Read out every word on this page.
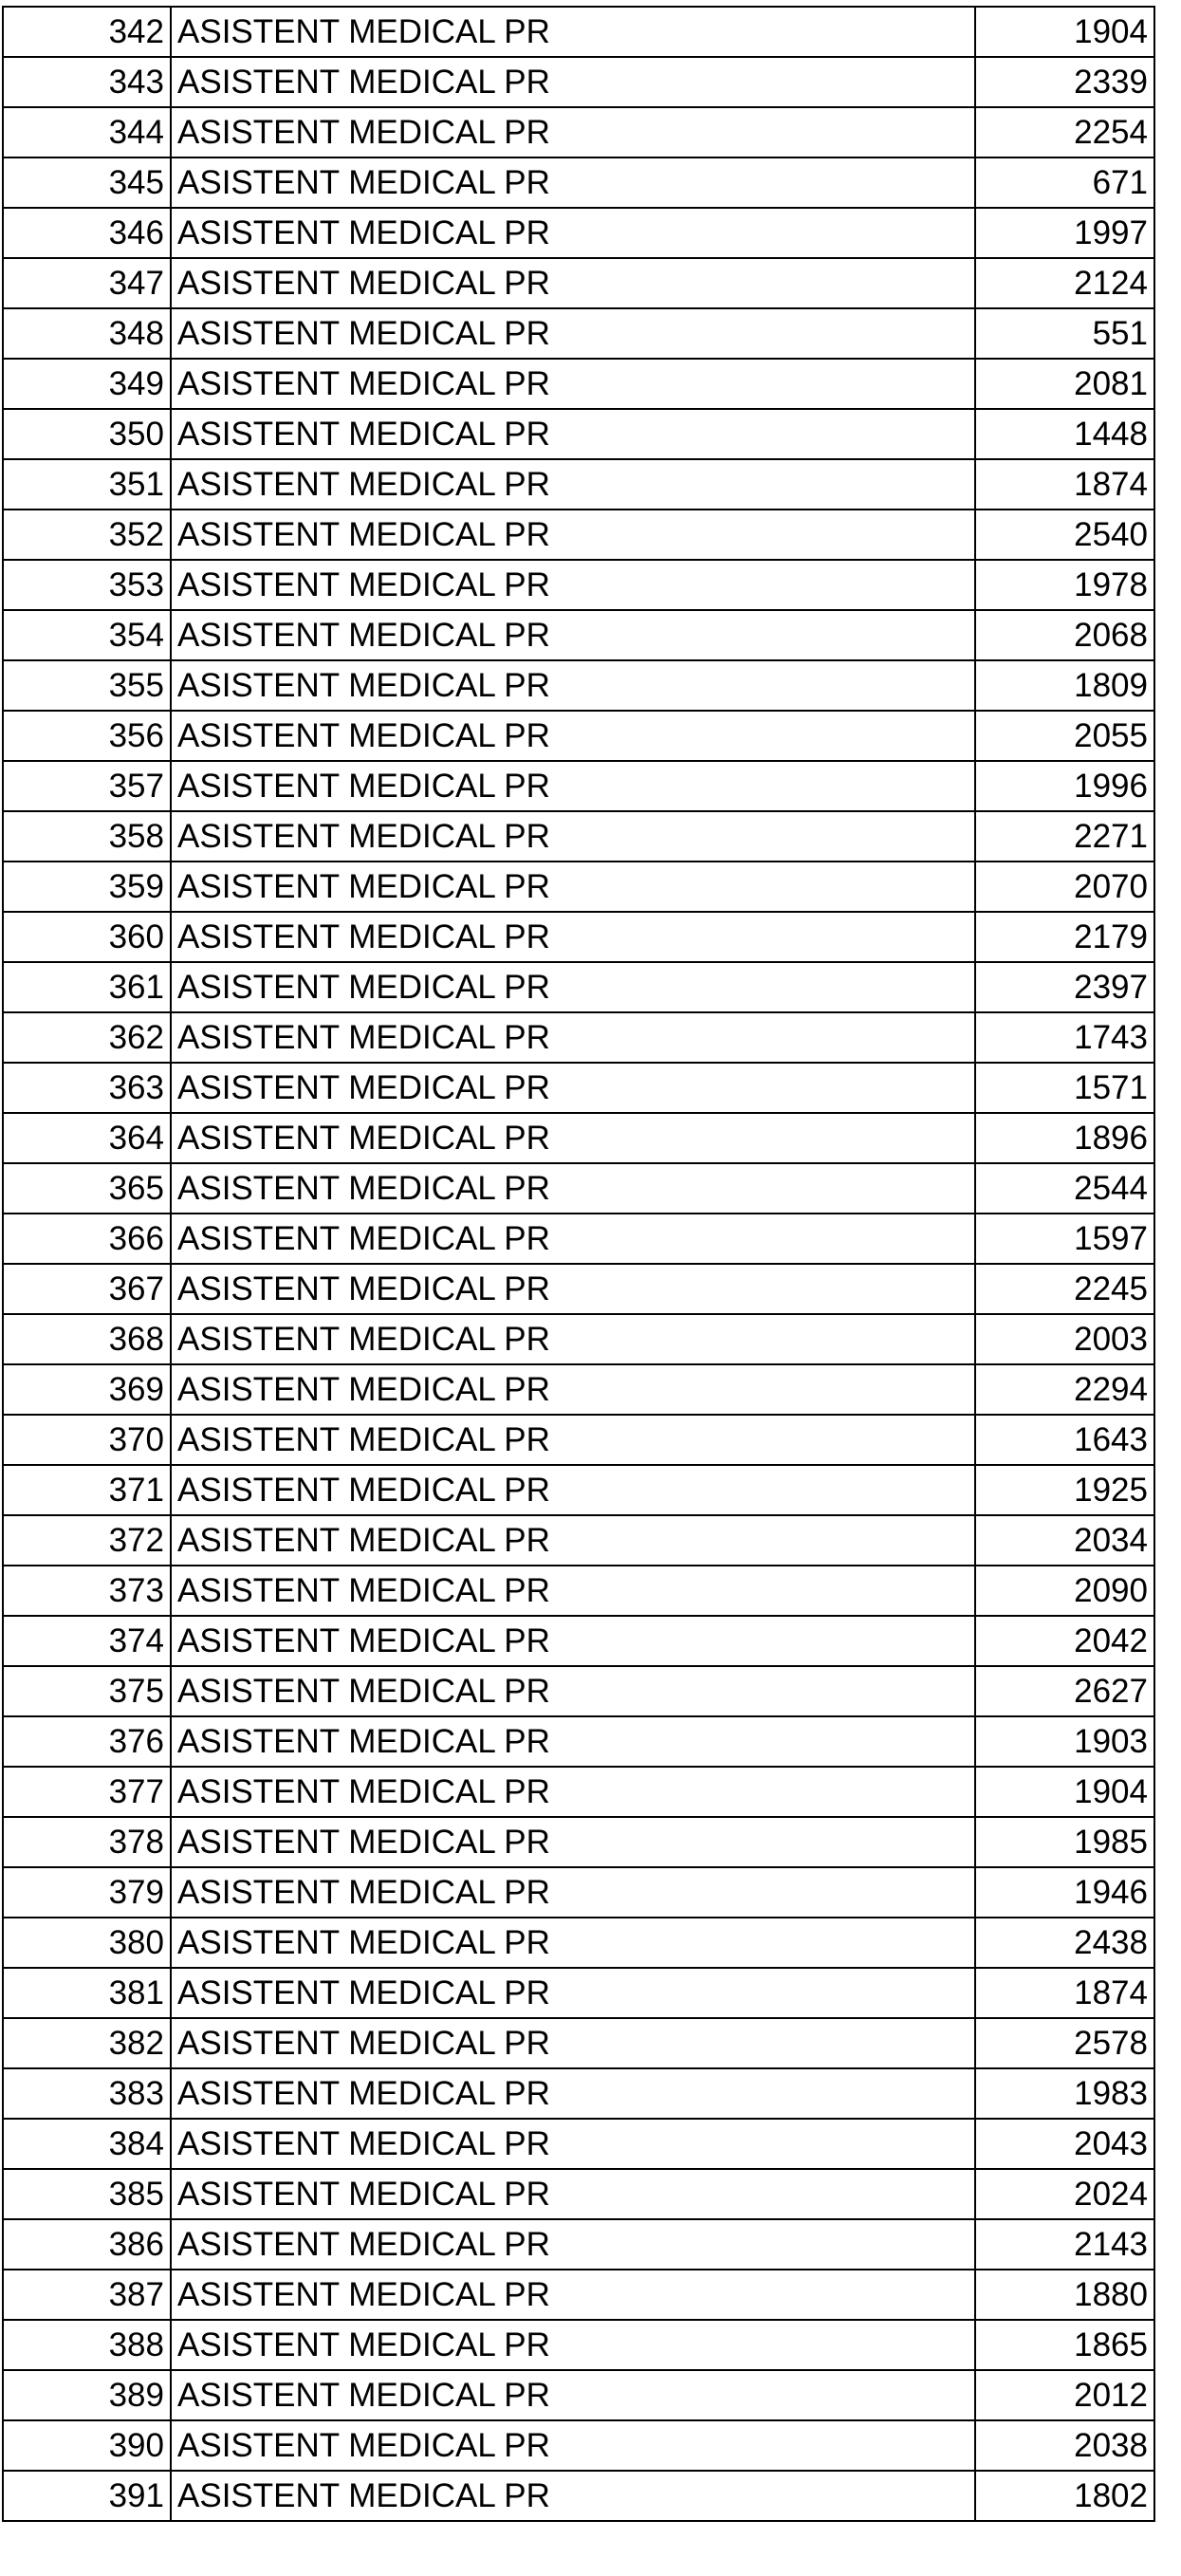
342	ASISTENT MEDICAL PR	1904
343	ASISTENT MEDICAL PR	2339
344	ASISTENT MEDICAL PR	2254
345	ASISTENT MEDICAL PR	671
346	ASISTENT MEDICAL PR	1997
347	ASISTENT MEDICAL PR	2124
348	ASISTENT MEDICAL PR	551
349	ASISTENT MEDICAL PR	2081
350	ASISTENT MEDICAL PR	1448
351	ASISTENT MEDICAL PR	1874
352	ASISTENT MEDICAL PR	2540
353	ASISTENT MEDICAL PR	1978
354	ASISTENT MEDICAL PR	2068
355	ASISTENT MEDICAL PR	1809
356	ASISTENT MEDICAL PR	2055
357	ASISTENT MEDICAL PR	1996
358	ASISTENT MEDICAL PR	2271
359	ASISTENT MEDICAL PR	2070
360	ASISTENT MEDICAL PR	2179
361	ASISTENT MEDICAL PR	2397
362	ASISTENT MEDICAL PR	1743
363	ASISTENT MEDICAL PR	1571
364	ASISTENT MEDICAL PR	1896
365	ASISTENT MEDICAL PR	2544
366	ASISTENT MEDICAL PR	1597
367	ASISTENT MEDICAL PR	2245
368	ASISTENT MEDICAL PR	2003
369	ASISTENT MEDICAL PR	2294
370	ASISTENT MEDICAL PR	1643
371	ASISTENT MEDICAL PR	1925
372	ASISTENT MEDICAL PR	2034
373	ASISTENT MEDICAL PR	2090
374	ASISTENT MEDICAL PR	2042
375	ASISTENT MEDICAL PR	2627
376	ASISTENT MEDICAL PR	1903
377	ASISTENT MEDICAL PR	1904
378	ASISTENT MEDICAL PR	1985
379	ASISTENT MEDICAL PR	1946
380	ASISTENT MEDICAL PR	2438
381	ASISTENT MEDICAL PR	1874
382	ASISTENT MEDICAL PR	2578
383	ASISTENT MEDICAL PR	1983
384	ASISTENT MEDICAL PR	2043
385	ASISTENT MEDICAL PR	2024
386	ASISTENT MEDICAL PR	2143
387	ASISTENT MEDICAL PR	1880
388	ASISTENT MEDICAL PR	1865
389	ASISTENT MEDICAL PR	2012
390	ASISTENT MEDICAL PR	2038
391	ASISTENT MEDICAL PR	1802
